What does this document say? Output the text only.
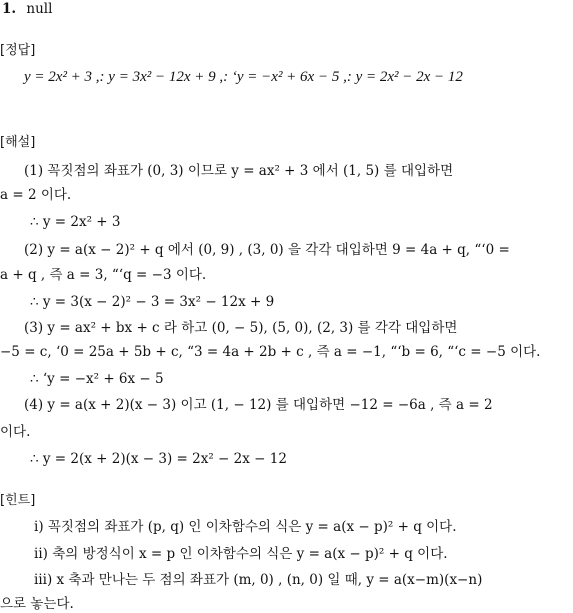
1. null
[정답]
y = 2x² + 3 ,: y = 3x² − 12x + 9 ,: ‘y = −x² + 6x − 5 ,: y = 2x² − 2x − 12
[해설]
(1) 꼭짓점의 좌표가 (0, 3) 이므로 y = ax² + 3 에서 (1, 5) 를 대입하면
a = 2 이다.
∴ y = 2x² + 3
(2) y = a(x − 2)² + q 에서 (0, 9) , (3, 0) 을 각각 대입하면 9 = 4a + q, “‘0 =
a + q , 즉 a = 3, “‘q = −3 이다.
∴ y = 3(x − 2)² − 3 = 3x² − 12x + 9
(3) y = ax² + bx + c 라 하고 (0, − 5), (5, 0), (2, 3) 를 각각 대입하면
−5 = c, ‘0 = 25a + 5b + c, “3 = 4a + 2b + c , 즉 a = −1, “‘b = 6, “‘c = −5 이다.
∴ ‘y = −x² + 6x − 5
(4) y = a(x + 2)(x − 3) 이고 (1, − 12) 를 대입하면 −12 = −6a , 즉 a = 2
이다.
∴ y = 2(x + 2)(x − 3) = 2x² − 2x − 12
[힌트]
ⅰ) 꼭짓점의 좌표가 (p, q) 인 이차함수의 식은 y = a(x − p)² + q 이다.
ⅱ) 축의 방정식이 x = p 인 이차함수의 식은 y = a(x − p)² + q 이다.
ⅲ) x 축과 만나는 두 점의 좌표가 (m, 0) , (n, 0) 일 때, y = a(x−m)(x−n)
으로 놓는다.
